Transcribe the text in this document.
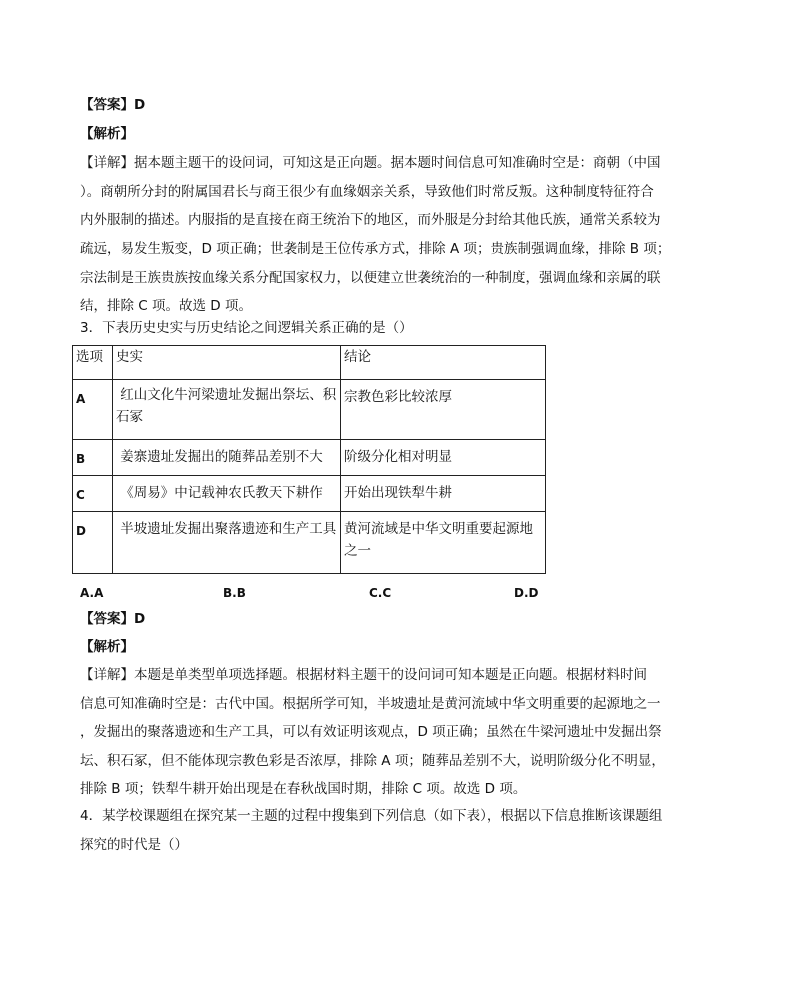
【答案】D
【解析】
【详解】据本题主题干的设问词，可知这是正向题。据本题时间信息可知准确时空是：商朝（中国
）。商朝所分封的附属国君长与商王很少有血缘姻亲关系，导致他们时常反叛。这种制度特征符合
内外服制的描述。内服指的是直接在商王统治下的地区，而外服是分封给其他氏族，通常关系较为
疏远，易发生叛变，D 项正确；世袭制是王位传承方式，排除 A 项；贵族制强调血缘，排除 B 项；
宗法制是王族贵族按血缘关系分配国家权力，以便建立世袭统治的一种制度，强调血缘和亲属的联
结，排除 C 项。故选 D 项。
3．下表历史史实与历史结论之间逻辑关系正确的是（）
选项	史实	结论

A	红山文化牛河梁遗址发掘出祭坛、积石冢	宗教色彩比较浓厚

B	姜寨遗址发掘出的随葬品差别不大	阶级分化相对明显

C	《周易》中记载神农氏教天下耕作	开始出现铁犁牛耕

D	半坡遗址发掘出聚落遗迹和生产工具	黄河流域是中华文明重要起源地之一
A.A	B.B	C.C	D.D
【答案】D
【解析】
【详解】本题是单类型单项选择题。根据材料主题干的设问词可知本题是正向题。根据材料时间
信息可知准确时空是：古代中国。根据所学可知，半坡遗址是黄河流域中华文明重要的起源地之一
，发掘出的聚落遗迹和生产工具，可以有效证明该观点，D 项正确；虽然在牛梁河遗址中发掘出祭
坛、积石冢，但不能体现宗教色彩是否浓厚，排除 A 项；随葬品差别不大，说明阶级分化不明显，
排除 B 项；铁犁牛耕开始出现是在春秋战国时期，排除 C 项。故选 D 项。
4．某学校课题组在探究某一主题的过程中搜集到下列信息（如下表），根据以下信息推断该课题组
探究的时代是（）
